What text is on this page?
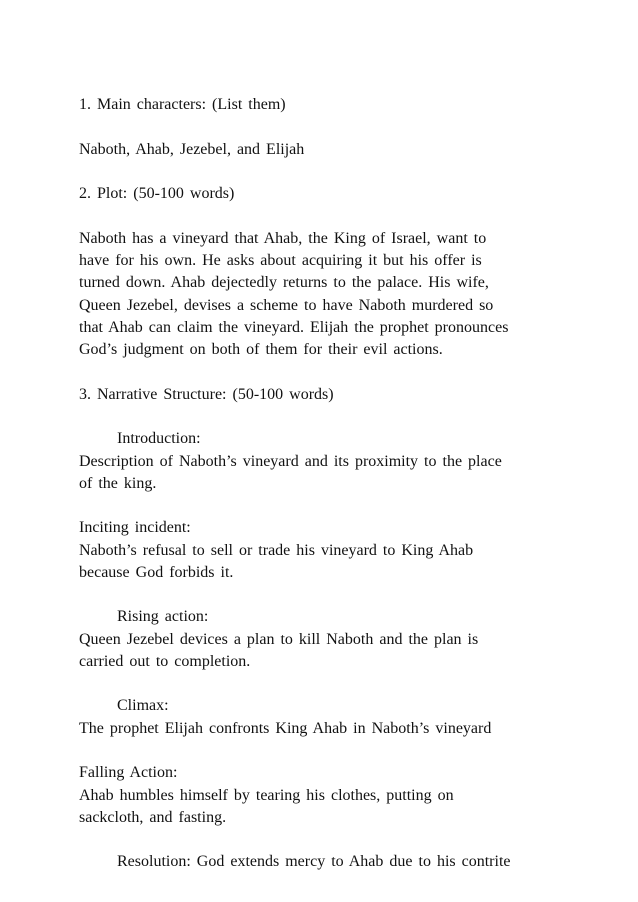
1. Main characters: (List them)

Naboth, Ahab, Jezebel, and Elijah

2. Plot: (50-100 words)

Naboth has a vineyard that Ahab, the King of Israel, want to

have for his own. He asks about acquiring it but his offer is

turned down. Ahab dejectedly returns to the palace. His wife,

Queen Jezebel, devises a scheme to have Naboth murdered so

that Ahab can claim the vineyard. Elijah the prophet pronounces

God’s judgment on both of them for their evil actions.

3. Narrative Structure: (50-100 words)

Introduction:

Description of Naboth’s vineyard and its proximity to the place

of the king.

Inciting incident:

Naboth’s refusal to sell or trade his vineyard to King Ahab

because God forbids it.

Rising action:

Queen Jezebel devices a plan to kill Naboth and the plan is

carried out to completion.

Climax:

The prophet Elijah confronts King Ahab in Naboth’s vineyard

Falling Action:

Ahab humbles himself by tearing his clothes, putting on

sackcloth, and fasting.

Resolution: God extends mercy to Ahab due to his contrite
